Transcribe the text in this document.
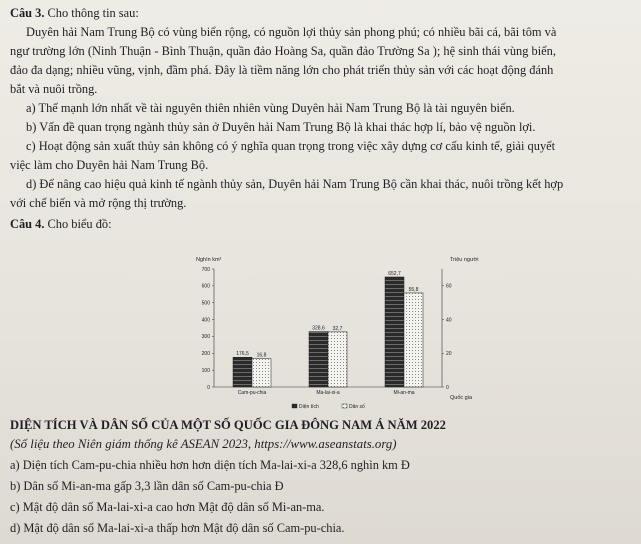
Câu 3. Cho thông tin sau:
Duyên hải Nam Trung Bộ có vùng biển rộng, có nguồn lợi thủy sản phong phú; có nhiều bãi cá, bãi tôm và
ngư trường lớn (Ninh Thuận - Bình Thuận, quần đảo Hoàng Sa, quần đảo Trường Sa ); hệ sinh thái vùng biển,
đảo đa dạng; nhiều vũng, vịnh, đầm phá. Đây là tiềm năng lớn cho phát triển thủy sản với các hoạt động đánh
bắt và nuôi trồng.
a) Thế mạnh lớn nhất về tài nguyên thiên nhiên vùng Duyên hải Nam Trung Bộ là tài nguyên biển.
b) Vấn đề quan trọng ngành thủy sản ở Duyên hải Nam Trung Bộ là khai thác hợp lí, bảo vệ nguồn lợi.
c) Hoạt động sản xuất thủy sản không có ý nghĩa quan trọng trong việc xây dựng cơ cấu kinh tế, giải quyết
việc làm cho Duyên hải Nam Trung Bộ.
d) Để nâng cao hiệu quả kinh tế ngành thủy sản, Duyên hải Nam Trung Bộ cần khai thác, nuôi trồng kết hợp
với chế biến và mở rộng thị trường.
Câu 4. Cho biểu đồ:
Nghìn km²	Triệu người
Quốc gia
0
100
200
300
400
500
600
700
0
20
40
60
176,5 16,8
Cam-pu-chia
328,6 32,7
Ma-lai-xi-a
652,7
55,8
Mi-an-ma
Diện tích	Dân số
DIỆN TÍCH VÀ DÂN SỐ CỦA MỘT SỐ QUỐC GIA ĐÔNG NAM Á NĂM 2022
(Số liệu theo Niên giám thống kê ASEAN 2023, https://www.aseanstats.org)
a) Diện tích Cam-pu-chia nhiều hơn hơn diện tích Ma-lai-xi-a 328,6 nghìn km Đ
b) Dân số Mi-an-ma gấp 3,3 lần dân số Cam-pu-chia Đ
c) Mật độ dân số Ma-lai-xi-a cao hơn Mật độ dân số Mi-an-ma.
d) Mật độ dân số Ma-lai-xi-a thấp hơn Mật độ dân số Cam-pu-chia.
